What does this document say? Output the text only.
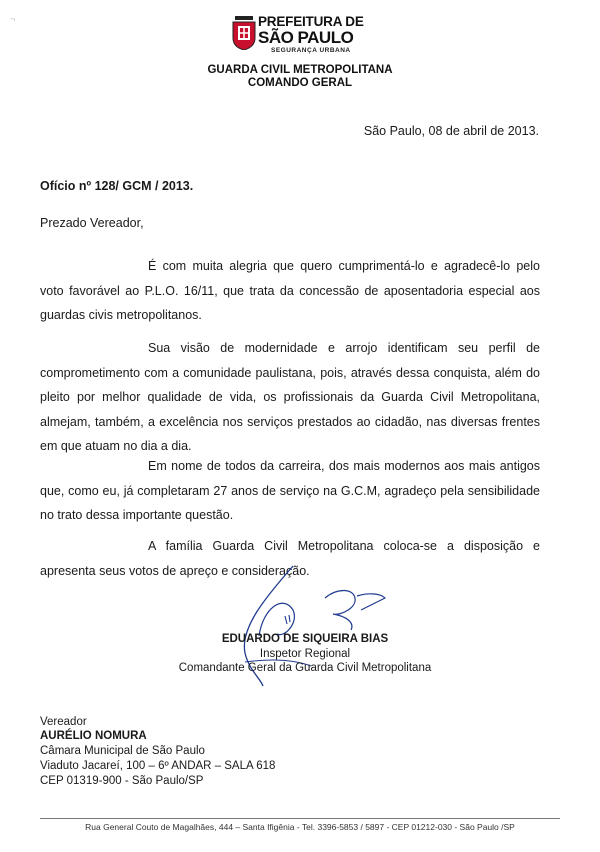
¬	PREFEITURA DE
SÃO PAULO
SEGURANÇA URBANA
GUARDA CIVIL METROPOLITANA
COMANDO GERAL
São Paulo, 08 de abril de 2013.
Ofício nº 128/ GCM / 2013.
Prezado Vereador,

É com muita alegria que quero cumprimentá-lo e agradecê-lo pelo voto favorável ao P.L.O. 16/11, que trata da concessão de aposentadoria especial aos guardas civis metropolitanos.

Sua visão de modernidade e arrojo identificam seu perfil de comprometimento com a comunidade paulistana, pois, através dessa conquista, além do pleito por melhor qualidade de vida, os profissionais da Guarda Civil Metropolitana, almejam, também, a excelência nos serviços prestados ao cidadão, nas diversas frentes em que atuam no dia a dia.

Em nome de todos da carreira, dos mais modernos aos mais antigos que, como eu, já completaram 27 anos de serviço na G.C.M, agradeço pela sensibilidade no trato dessa importante questão.

A família Guarda Civil Metropolitana coloca-se a disposição e apresenta seus votos de apreço e consideração.

EDUARDO DE SIQUEIRA BIAS
Inspetor Regional
Comandante Geral da Guarda Civil Metropolitana
Vereador
AURÉLIO NOMURA
Câmara Municipal de São Paulo
Viaduto Jacareí, 100 – 6º ANDAR – SALA 618
CEP 01319-900 - São Paulo/SP
Rua General Couto de Magalhães, 444 – Santa Ifigênia - Tel. 3396-5853 / 5897 - CEP 01212-030 - São Paulo /SP
